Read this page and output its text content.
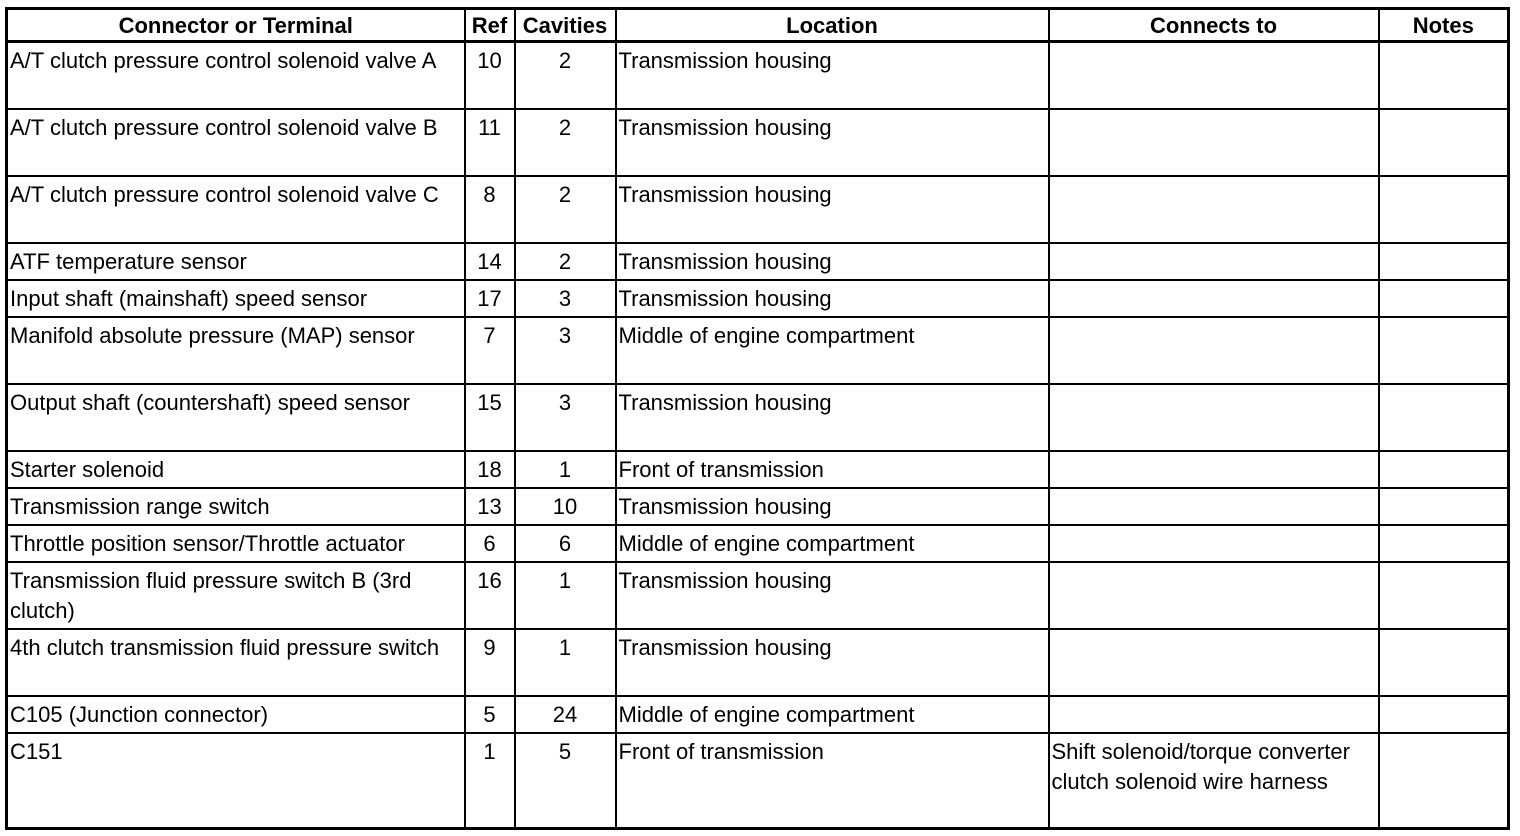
Connector or Terminal	Ref	Cavities	Location	Connects to	Notes
A/T clutch pressure control solenoid valve A	10	2	Transmission housing		
A/T clutch pressure control solenoid valve B	11	2	Transmission housing		
A/T clutch pressure control solenoid valve C	8	2	Transmission housing		
ATF temperature sensor	14	2	Transmission housing		
Input shaft (mainshaft) speed sensor	17	3	Transmission housing		
Manifold absolute pressure (MAP) sensor	7	3	Middle of engine compartment		
Output shaft (countershaft) speed sensor	15	3	Transmission housing		
Starter solenoid	18	1	Front of transmission		
Transmission range switch	13	10	Transmission housing		
Throttle position sensor/Throttle actuator	6	6	Middle of engine compartment		
Transmission fluid pressure switch B (3rd clutch)	16	1	Transmission housing		
4th clutch transmission fluid pressure switch	9	1	Transmission housing		
C105 (Junction connector)	5	24	Middle of engine compartment		
C151	1	5	Front of transmission	Shift solenoid/torque converter clutch solenoid wire harness	
